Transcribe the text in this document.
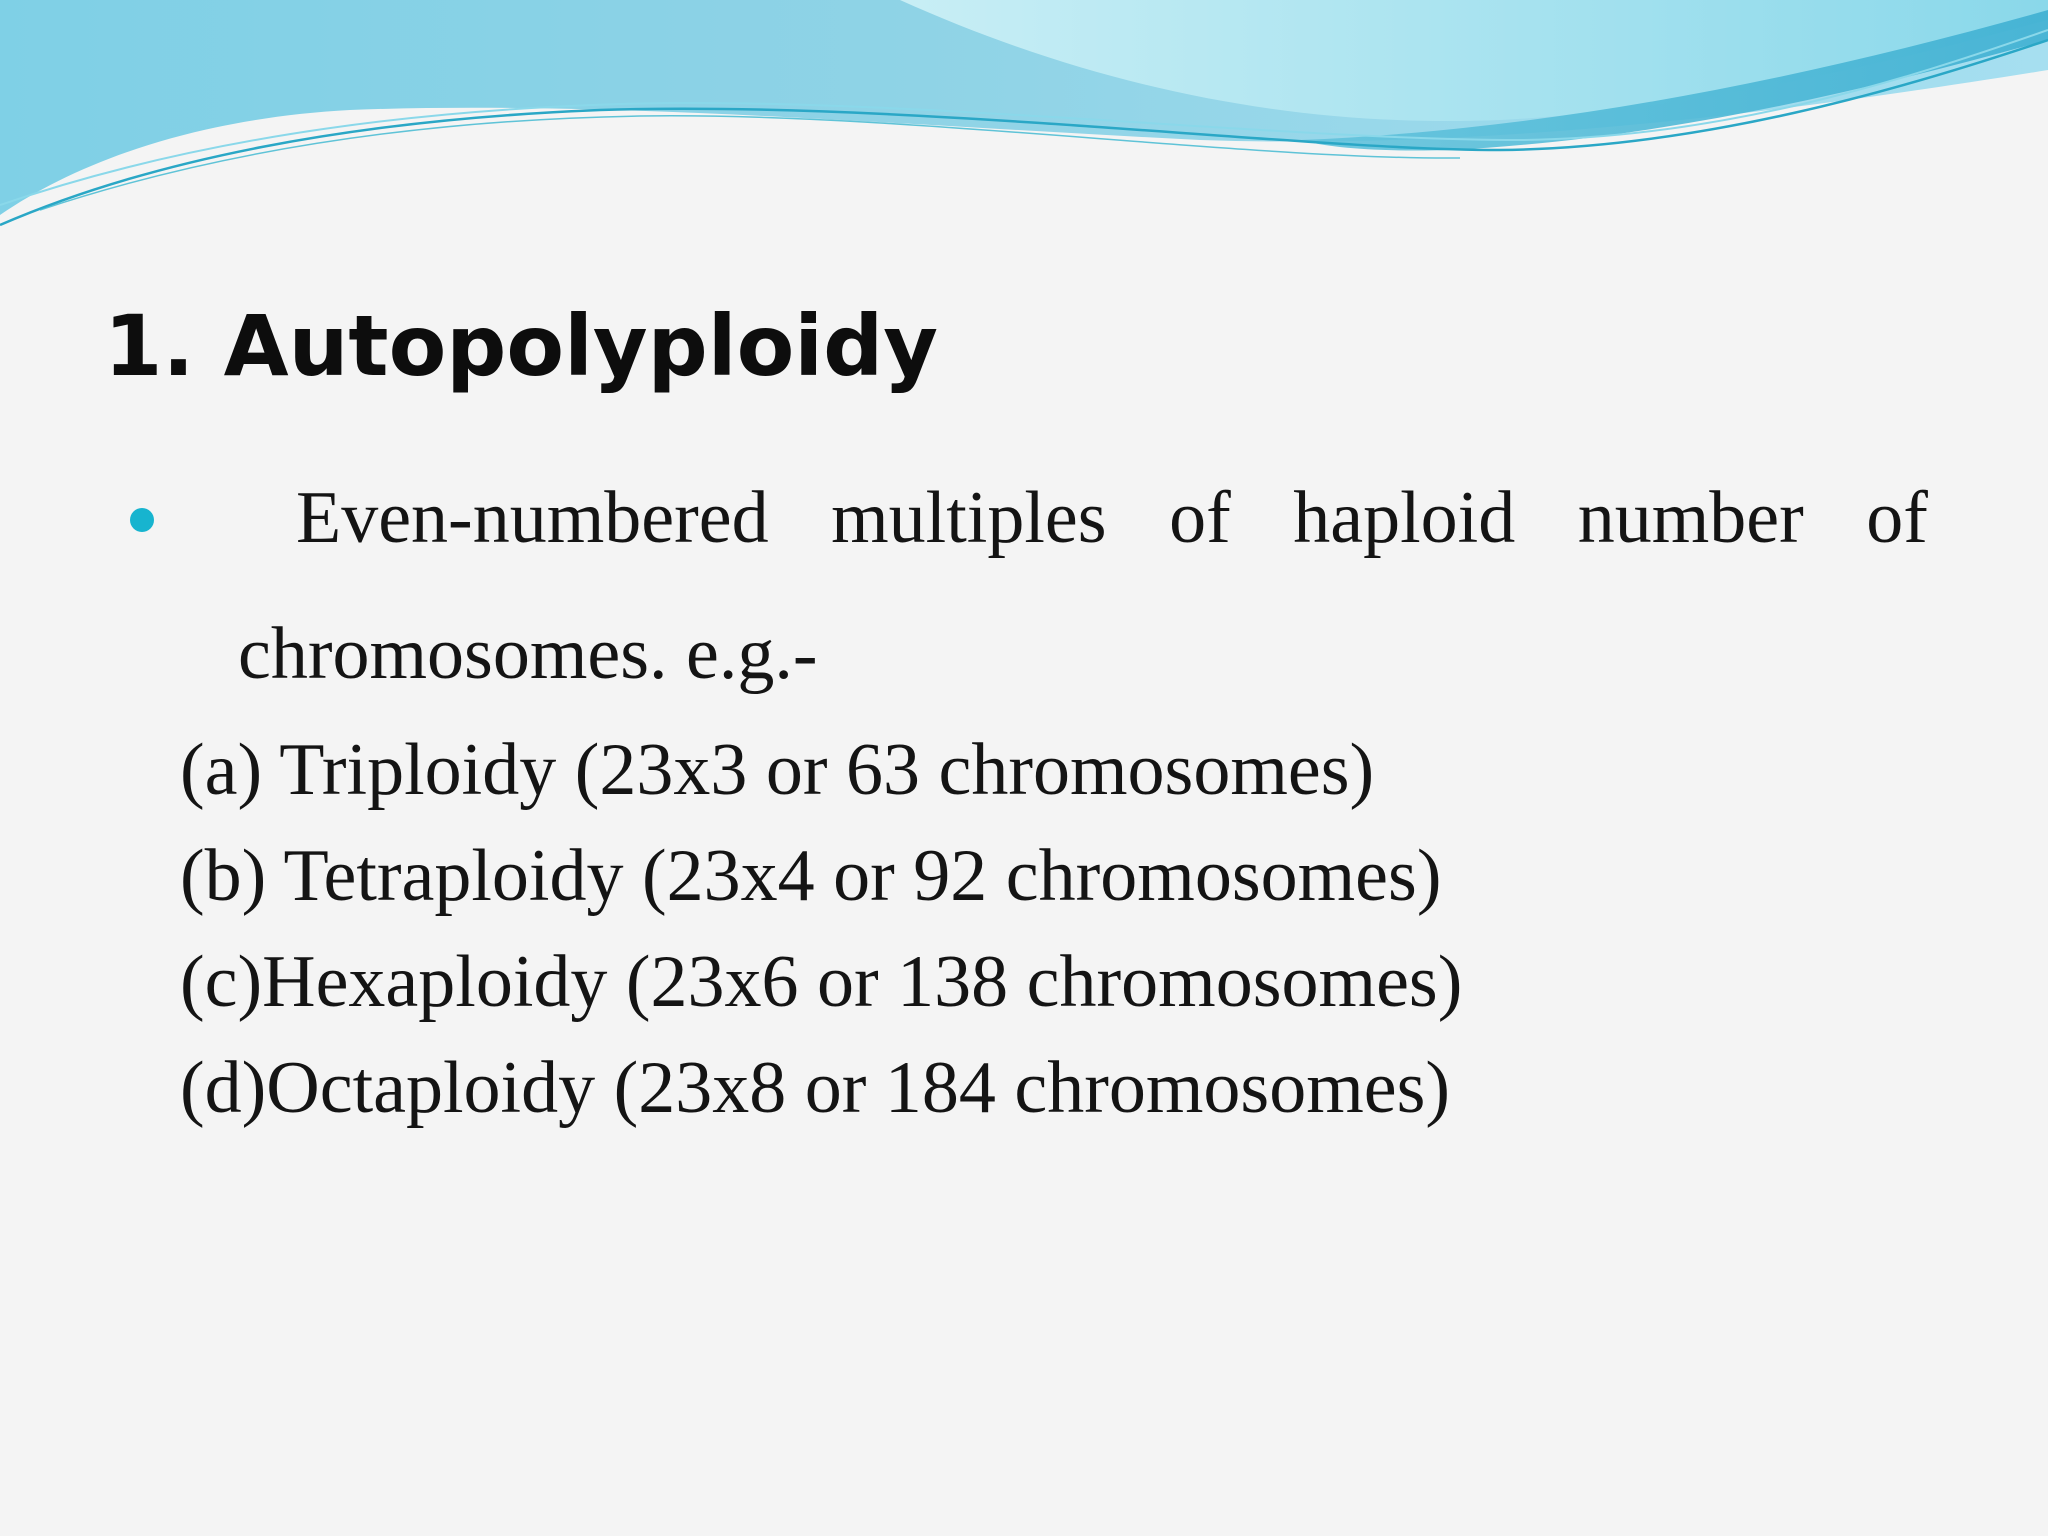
1. Autopolyploidy
Even-numbered multiples of haploid number of
chromosomes. e.g.-
(a) Triploidy (23x3 or 63 chromosomes)
(b) Tetraploidy (23x4 or 92 chromosomes)
(c)Hexaploidy (23x6 or 138 chromosomes)
(d)Octaploidy (23x8 or 184 chromosomes)
